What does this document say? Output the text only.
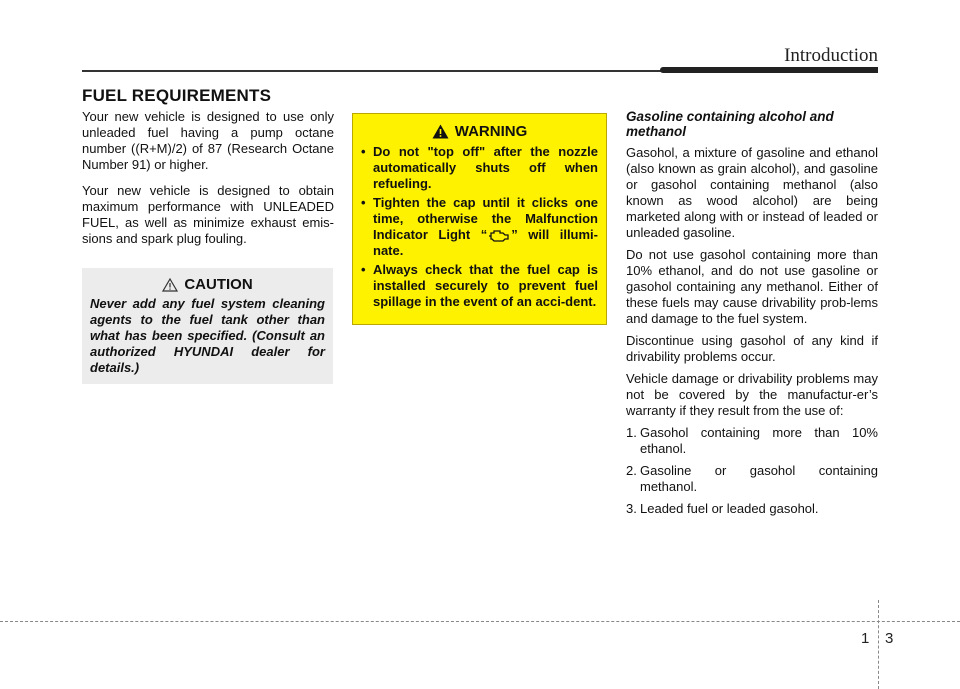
Introduction
FUEL REQUIREMENTS

Your new vehicle is designed to use only unleaded fuel having a pump octane number ((R+M)/2) of 87 (Research Octane Number 91) or higher.

Your new vehicle is designed to obtain maximum performance with UNLEADED FUEL, as well as minimize exhaust emis-sions and spark plug fouling.

CAUTION
Never add any fuel system cleaning agents to the fuel tank other than what has been specified. (Consult an authorized HYUNDAI dealer for details.)
WARNING
• Do not "top off" after the nozzle automatically shuts off when refueling.
• Tighten the cap until it clicks one time, otherwise the Malfunction Indicator Light “ ” will illumi-nate.
• Always check that the fuel cap is installed securely to prevent fuel spillage in the event of an acci-dent.
Gasoline containing alcohol and methanol

Gasohol, a mixture of gasoline and ethanol (also known as grain alcohol), and gasoline or gasohol containing methanol (also known as wood alcohol) are being marketed along with or instead of leaded or unleaded gasoline.

Do not use gasohol containing more than 10% ethanol, and do not use gasoline or gasohol containing any methanol. Either of these fuels may cause drivability prob-lems and damage to the fuel system.

Discontinue using gasohol of any kind if drivability problems occur.

Vehicle damage or drivability problems may not be covered by the manufactur-er’s warranty if they result from the use of:

1. Gasohol containing more than 10% ethanol.
2. Gasoline or gasohol containing methanol.
3. Leaded fuel or leaded gasohol.
1 3
